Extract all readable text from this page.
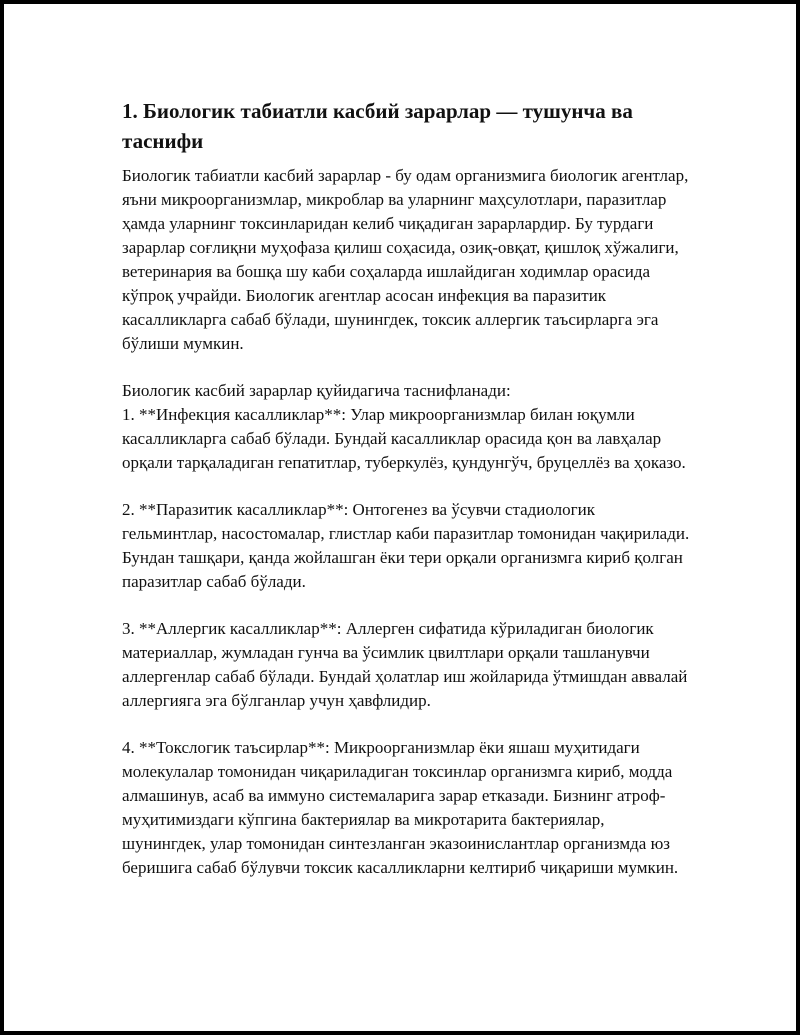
1. Биологик табиатли касбий зарарлар — тушунча ва таснифи

Биологик табиатли касбий зарарлар - бу одам организмига биологик агентлар, яъни микроорганизмлар, микроблар ва уларнинг маҳсулотлари, паразитлар ҳамда уларнинг токсинларидан келиб чиқадиган зарарлардир. Бу турдаги зарарлар соғлиқни муҳофаза қилиш соҳасида, озиқ-овқат, қишлоқ хўжалиги, ветеринария ва бошқа шу каби соҳаларда ишлайдиган ходимлар орасида кўпроқ учрайди. Биологик агентлар асосан инфекция ва паразитик касалликларга сабаб бўлади, шунингдек, токсик аллергик таъсирларга эга бўлиши мумкин.

Биологик касбий зарарлар қуйидагича таснифланади:

1. **Инфекция касалликлар**: Улар микроорганизмлар билан юқумли касалликларга сабаб бўлади. Бундай касалликлар орасида қон ва лавҳалар орқали тарқаладиган гепатитлар, туберкулёз, қундунгўч, бруцеллёз ва ҳоказо.

2. **Паразитик касалликлар**: Онтогенез ва ўсувчи стадиологик гельминтлар, насостомалар, глистлар каби паразитлар томонидан чақирилади. Бундан ташқари, қанда жойлашган ёки тери орқали организмга кириб қолган паразитлар сабаб бўлади.

3. **Аллергик касалликлар**: Аллерген сифатида кўриладиган биологик материаллар, жумладан гунча ва ўсимлик цвилтлари орқали ташланувчи аллергенлар сабаб бўлади. Бундай ҳолатлар иш жойларида ўтмишдан аввалай аллергияга эга бўлганлар учун ҳавфлидир.

4. **Токслогик таъсирлар**: Микроорганизмлар ёки яшаш муҳитидаги молекулалар томонидан чиқариладиган токсинлар организмга кириб, модда алмашинув, асаб ва иммуно системаларига зарар етказади. Бизнинг атроф-муҳитимиздаги кўпгина бактериялар ва микротарита бактериялар, шунингдек, улар томонидан синтезланган эказоинислантлар организмда юз беришига сабаб бўлувчи токсик касалликларни келтириб чиқариши мумкин.
